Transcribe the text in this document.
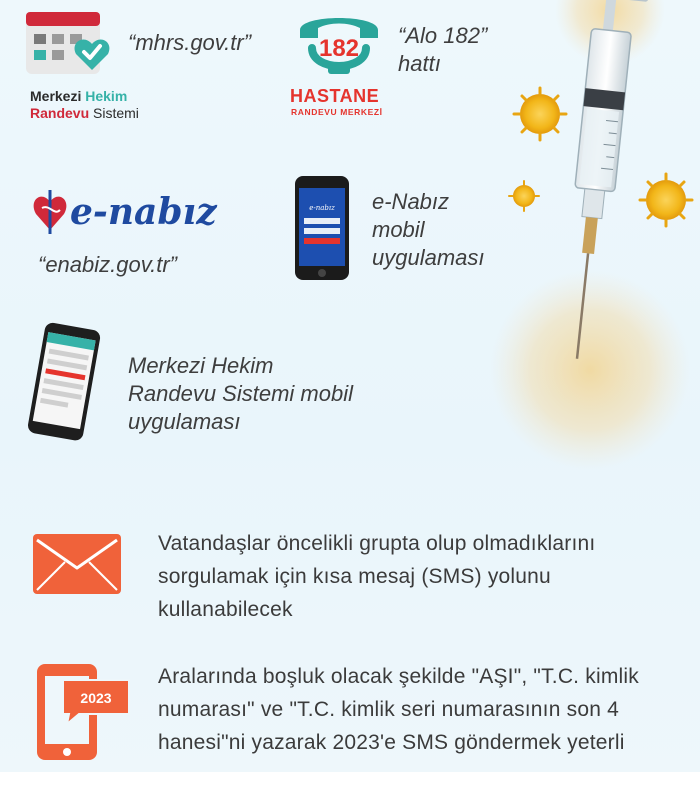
Merkezi Hekim
Randevu Sistemi
“mhrs.gov.tr”	182
HASTANE
RANDEVU MERKEZİ
“Alo 182”
hattı
e-nabız
“enabiz.gov.tr”
e-nabız e-Nabız
mobil
uygulaması
Merkezi Hekim
Randevu Sistemi mobil
uygulaması
Vatandaşlar öncelikli grupta olup olmadıklarını
sorgulamak için kısa mesaj (SMS) yolunu
kullanabilecek
2023
Aralarında boşluk olacak şekilde "AŞI", "T.C. kimlik
numarası" ve "T.C. kimlik seri numarasının son 4
hanesi"ni yazarak 2023'e SMS göndermek yeterli
